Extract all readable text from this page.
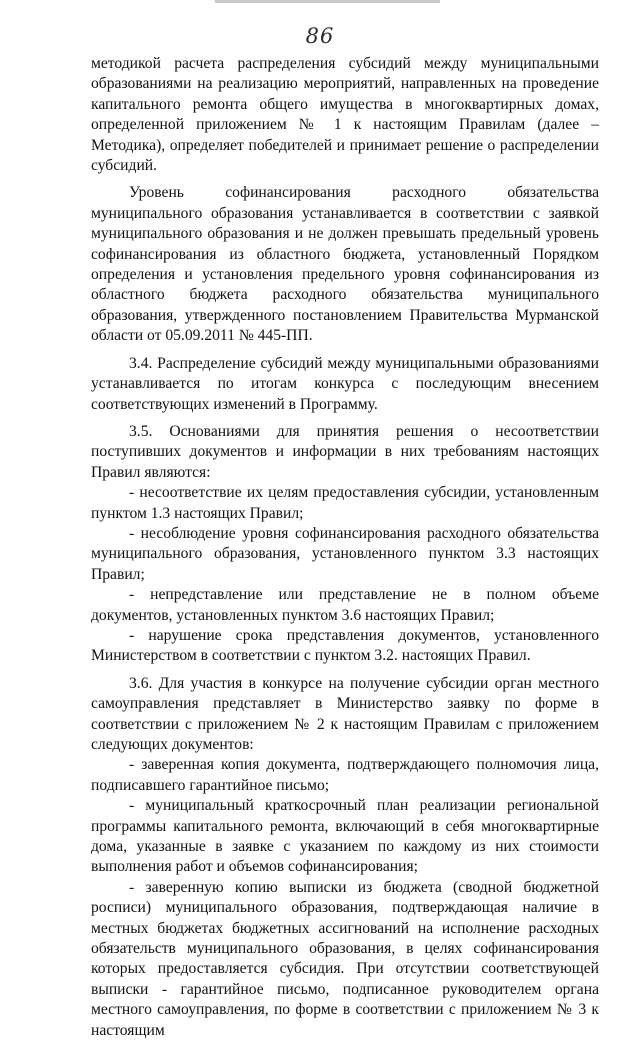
86

методикой расчета распределения субсидий между муниципальными образованиями на реализацию мероприятий, направленных на проведение капитального ремонта общего имущества в многоквартирных домах, определенной приложением № 1 к настоящим Правилам (далее – Методика), определяет победителей и принимает решение о распределении субсидий.

Уровень софинансирования расходного обязательства муниципального образования устанавливается в соответствии с заявкой муниципального образования и не должен превышать предельный уровень софинансирования из областного бюджета, установленный Порядком определения и установления предельного уровня софинансирования из областного бюджета расходного обязательства муниципального образования, утвержденного постановлением Правительства Мурманской области от 05.09.2011 № 445-ПП.

3.4. Распределение субсидий между муниципальными образованиями устанавливается по итогам конкурса с последующим внесением соответствующих изменений в Программу.

3.5. Основаниями для принятия решения о несоответствии поступивших документов и информации в них требованиям настоящих Правил являются:

- несоответствие их целям предоставления субсидии, установленным пунктом 1.3 настоящих Правил;

- несоблюдение уровня софинансирования расходного обязательства муниципального образования, установленного пунктом 3.3 настоящих Правил;

- непредставление или представление не в полном объеме документов, установленных пунктом 3.6 настоящих Правил;

- нарушение срока представления документов, установленного Министерством в соответствии с пунктом 3.2. настоящих Правил.

3.6. Для участия в конкурсе на получение субсидии орган местного самоуправления представляет в Министерство заявку по форме в соответствии с приложением № 2 к настоящим Правилам с приложением следующих документов:

- заверенная копия документа, подтверждающего полномочия лица, подписавшего гарантийное письмо;

- муниципальный краткосрочный план реализации региональной программы капитального ремонта, включающий в себя многоквартирные дома, указанные в заявке с указанием по каждому из них стоимости выполнения работ и объемов софинансирования;

- заверенную копию выписки из бюджета (сводной бюджетной росписи) муниципального образования, подтверждающая наличие в местных бюджетах бюджетных ассигнований на исполнение расходных обязательств муниципального образования, в целях софинансирования которых предоставляется субсидия. При отсутствии соответствующей выписки - гарантийное письмо, подписанное руководителем органа местного самоуправления, по форме в соответствии с приложением № 3 к настоящим
